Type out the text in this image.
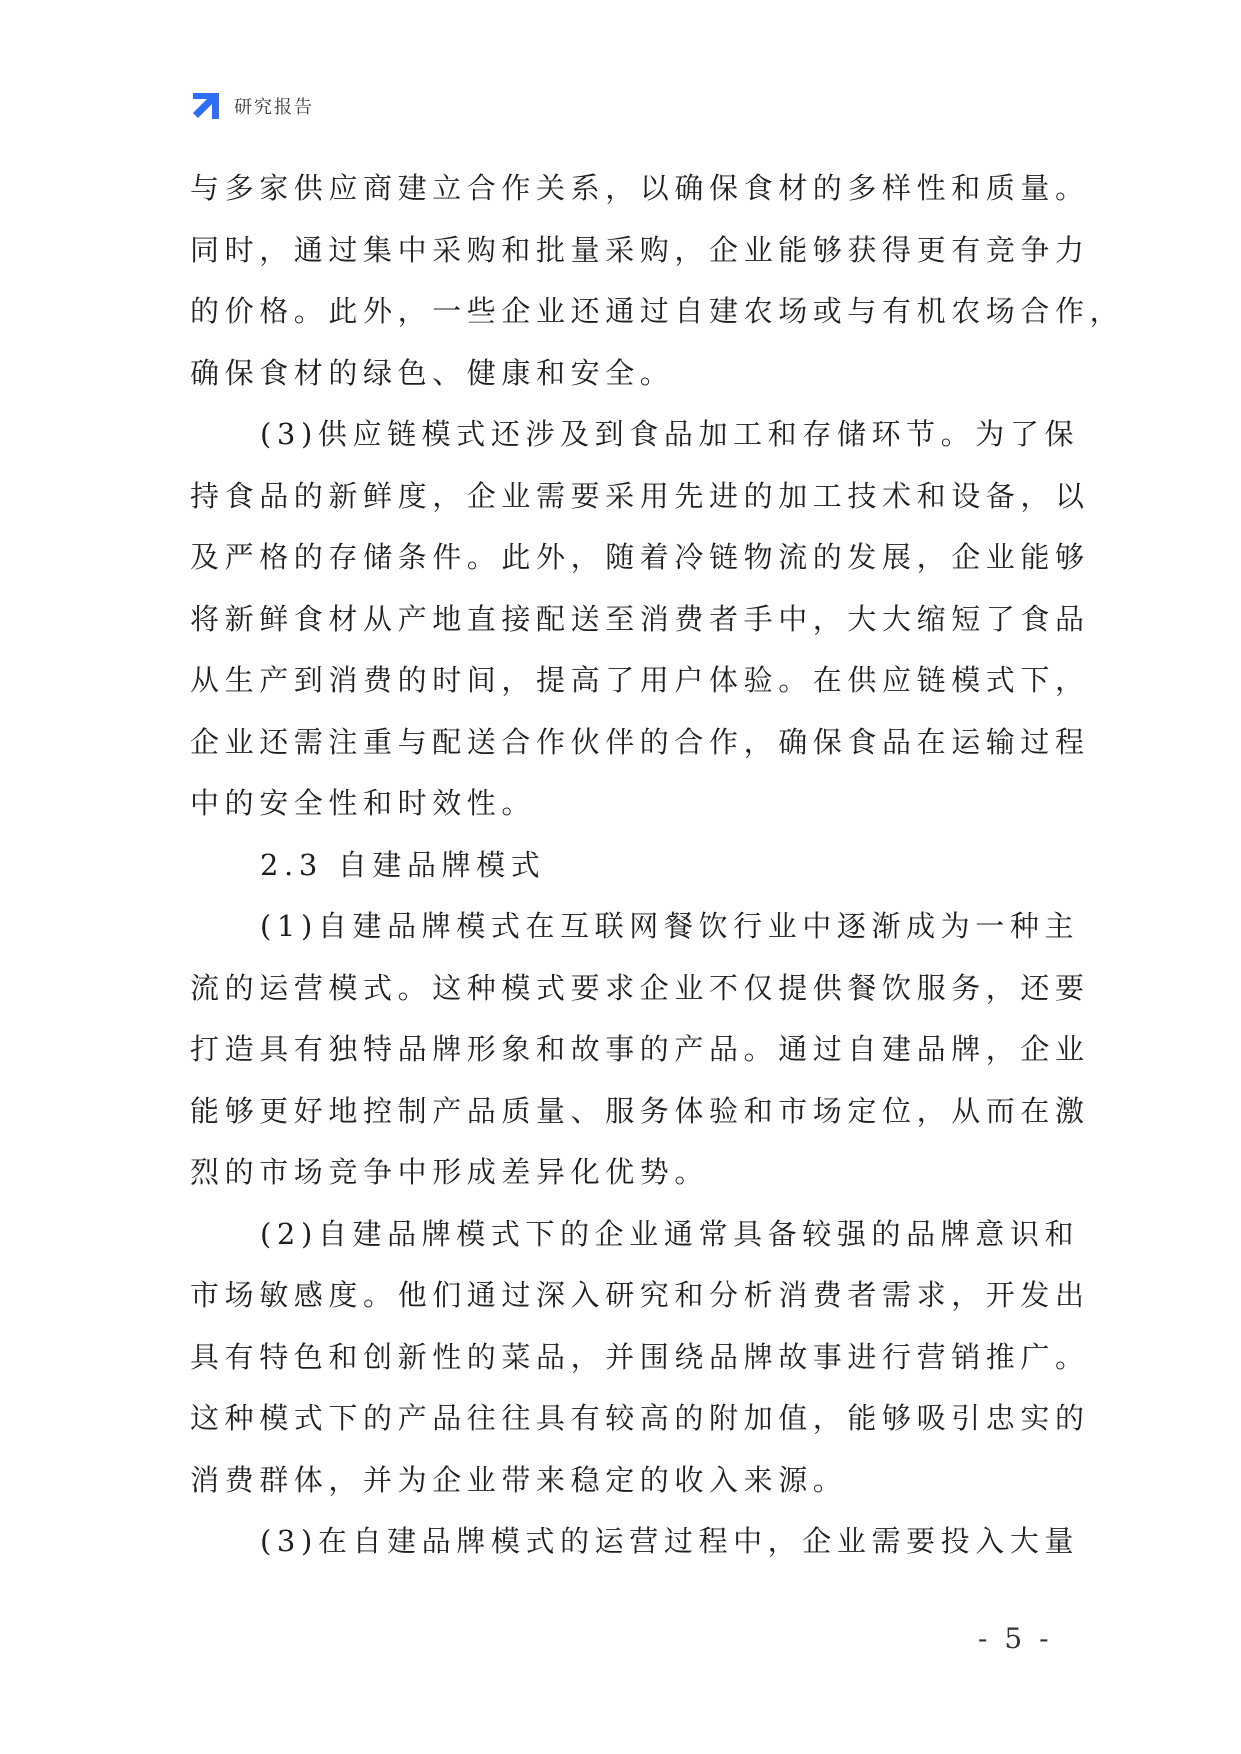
研究报告
与多家供应商建立合作关系，以确保食材的多样性和质量。
同时，通过集中采购和批量采购，企业能够获得更有竞争力
的价格。此外，一些企业还通过自建农场或与有机农场合作，
确保食材的绿色、健康和安全。
(3)供应链模式还涉及到食品加工和存储环节。为了保
持食品的新鲜度，企业需要采用先进的加工技术和设备，以
及严格的存储条件。此外，随着冷链物流的发展，企业能够
将新鲜食材从产地直接配送至消费者手中，大大缩短了食品
从生产到消费的时间，提高了用户体验。在供应链模式下，
企业还需注重与配送合作伙伴的合作，确保食品在运输过程
中的安全性和时效性。
2.3 自建品牌模式
(1)自建品牌模式在互联网餐饮行业中逐渐成为一种主
流的运营模式。这种模式要求企业不仅提供餐饮服务，还要
打造具有独特品牌形象和故事的产品。通过自建品牌，企业
能够更好地控制产品质量、服务体验和市场定位，从而在激
烈的市场竞争中形成差异化优势。
(2)自建品牌模式下的企业通常具备较强的品牌意识和
市场敏感度。他们通过深入研究和分析消费者需求，开发出
具有特色和创新性的菜品，并围绕品牌故事进行营销推广。
这种模式下的产品往往具有较高的附加值，能够吸引忠实的
消费群体，并为企业带来稳定的收入来源。
(3)在自建品牌模式的运营过程中，企业需要投入大量
- 5 -
